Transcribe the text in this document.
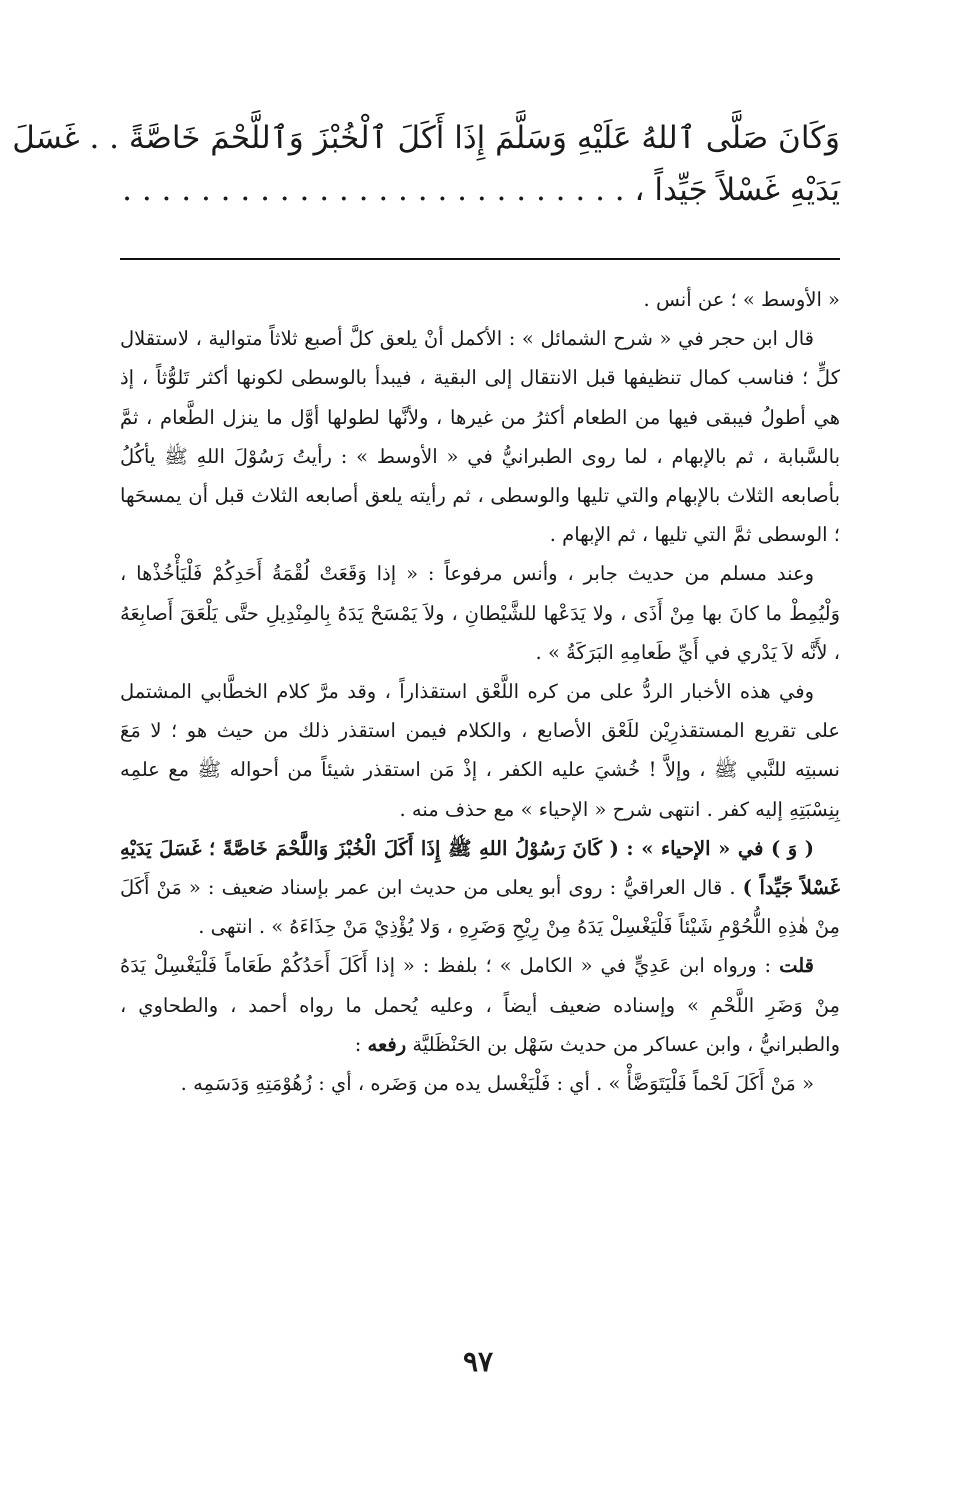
وَكَانَ صَلَّى ٱللهُ عَلَيْهِ وَسَلَّمَ إِذَا أَكَلَ ٱلْخُبْزَ وَٱللَّحْمَ خَاصَّةً . . غَسَلَ
يَدَيْهِ غَسْلاً جَيِّداً ، . . . . . . . . . . . . . . . . . . . . . . . . . .

« الأوسط » ؛ عن أنس .

قال ابن حجر في « شرح الشمائل » : الأكمل أنْ يلعق كلَّ أصبع ثلاثاً متوالية ، لاستقلال كلٍّ ؛ فناسب كمال تنظيفها قبل الانتقال إلى البقية ، فيبدأ بالوسطى لكونها أكثر تَلوُّثاً ، إذ هي أطولُ فيبقى فيها من الطعام أكثرُ من غيرها ، ولأنَّها لطولها أوَّل ما ينزل الطَّعام ، ثمَّ بالسَّبابة ، ثم بالإبهام ، لما روى الطبرانيُّ في « الأوسط » : رأيتُ رَسُوْلَ اللهِ ﷺ يأكُلُ بأصابعه الثلاث بالإبهام والتي تليها والوسطى ، ثم رأيته يلعق أصابعه الثلاث قبل أن يمسحَها ؛ الوسطى ثمَّ التي تليها ، ثم الإبهام .

وعند مسلم من حديث جابر ، وأنس مرفوعاً : « إذا وَقَعَتْ لُقْمَةُ أَحَدِكُمْ فَلْيَأْخُذْها ، وَلْيُمِطْ ما كانَ بها مِنْ أَذَى ، ولا يَدَعْها للشَّيْطانِ ، ولاَ يَمْسَحْ يَدَهُ بِالمِنْدِيلِ حتَّى يَلْعَقَ أَصابِعَهُ ، لأَنَّه لاَ يَدْري في أَيِّ طَعامِهِ البَرَكَةُ » .

وفي هذه الأخبار الردُّ على من كره اللَّعْق استقذاراً ، وقد مرَّ كلام الخطَّابي المشتمل على تقريع المستقذرِيْن للَعْق الأصابع ، والكلام فيمن استقذر ذلك من حيث هو ؛ لا مَعَ نسبتِه للنَّبي ﷺ ، وإلاَّ ! خُشيَ عليه الكفر ، إذْ مَن استقذر شيئاً من أحواله ﷺ مع علمِه بِنِسْبَتِهِ إليه كفر . انتهى شرح « الإحياء » مع حذف منه .

( وَ ) في « الإحياء » : ( كَانَ رَسُوْلُ اللهِ ﷺ إِذَا أَكَلَ الْخُبْزَ وَاللَّحْمَ خَاصَّةً ؛ غَسَلَ يَدَيْهِ غَسْلاً جَيِّداً ) . قال العراقيُّ : روى أبو يعلى من حديث ابن عمر بإسناد ضعيف : « مَنْ أَكَلَ مِنْ هٰذِهِ اللُّحُوْمِ شَيْئاً فَلْيَغْسِلْ يَدَهُ مِنْ رِيْحِ وَضَرِهِ ، وَلا يُؤْذِيْ مَنْ حِذَاءَهُ » . انتهى .

قلت : ورواه ابن عَدِيٍّ في « الكامل » ؛ بلفظ : « إذا أَكَلَ أَحَدُكُمْ طَعَاماً فَلْيَغْسِلْ يَدَهُ مِنْ وَضَرِ اللَّحْمِ » وإسناده ضعيف أيضاً ، وعليه يُحمل ما رواه أحمد ، والطحاوي ، والطبرانيُّ ، وابن عساكر من حديث سَهْل بن الحَنْظَليَّة رفعه :

« مَنْ أَكَلَ لَحْماً فَلْيَتَوَضَّأْ » . أي : فَلْيَغْسل يده من وَضَره ، أي : زُهُوْمَتِهِ وَدَسَمِه .

٩٧
